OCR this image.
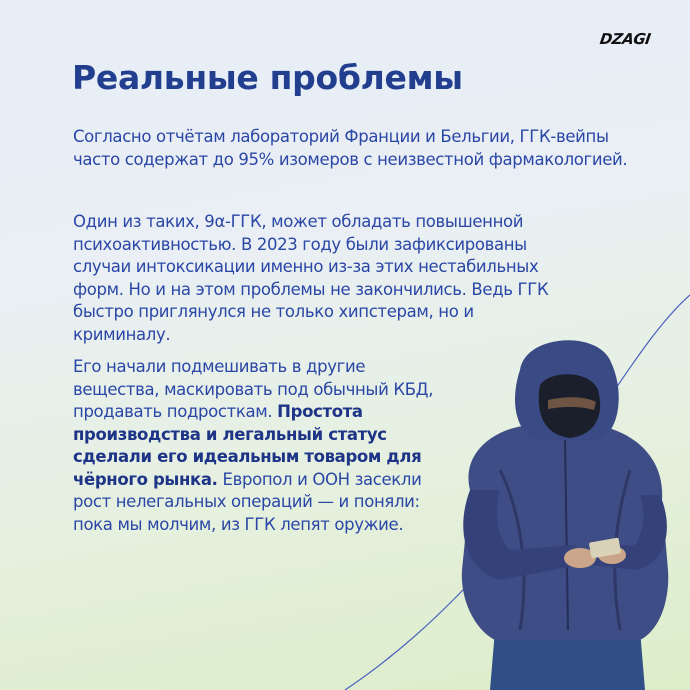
DZAGI
Реальные проблемы

Согласно отчётам лабораторий Франции и Бельгии, ГГК-вейпы часто содержат до 95% изомеров с неизвестной фармакологией.

Один из таких, 9α-ГГК, может обладать повышенной психоактивностью. В 2023 году были зафиксированы случаи интоксикации именно из-за этих нестабильных форм. Но и на этом проблемы не закончились. Ведь ГГК быстро приглянулся не только хипстерам, но и криминалу.

Его начали подмешивать в другие вещества, маскировать под обычный КБД, продавать подросткам. Простота производства и легальный статус сделали его идеальным товаром для чёрного рынка. Европол и ООН засекли рост нелегальных операций — и поняли: пока мы молчим, из ГГК лепят оружие.
